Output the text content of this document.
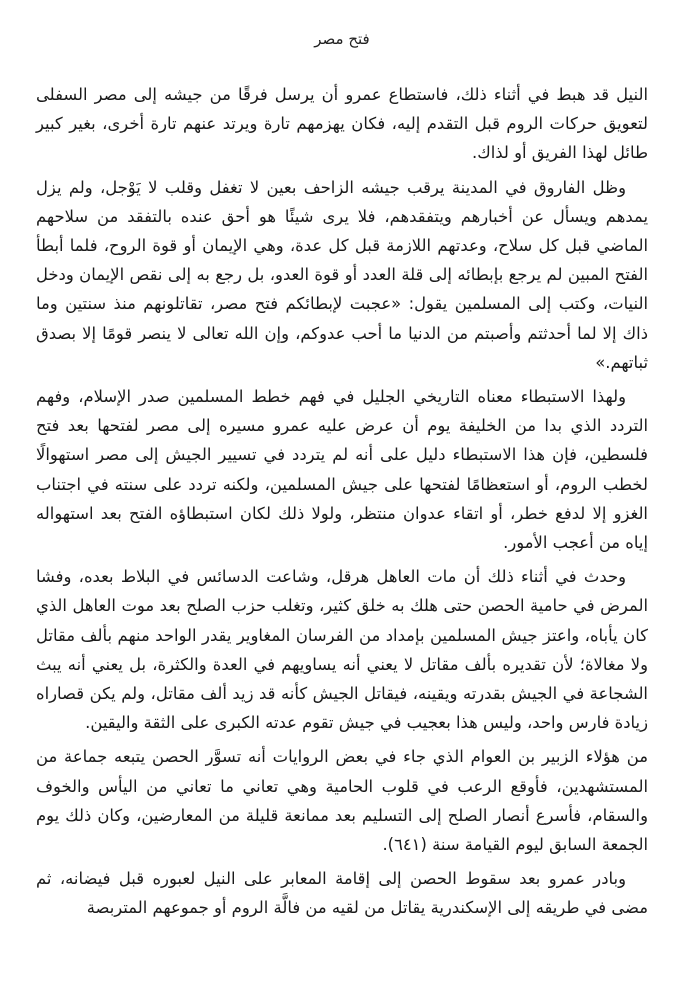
فتح مصر

النيل قد هبط في أثناء ذلك، فاستطاع عمرو أن يرسل فرقًا من جيشه إلى مصر السفلى لتعويق حركات الروم قبل التقدم إليه، فكان يهزمهم تارة ويرتد عنهم تارة أخرى، بغير كبير طائل لهذا الفريق أو لذاك.

وظل الفاروق في المدينة يرقب جيشه الزاحف بعين لا تغفل وقلب لا يَوْجل، ولم يزل يمدهم ويسأل عن أخبارهم ويتفقدهم، فلا يرى شيئًا هو أحق عنده بالتفقد من سلاحهم الماضي قبل كل سلاح، وعدتهم اللازمة قبل كل عدة، وهي الإيمان أو قوة الروح، فلما أبطأ الفتح المبين لم يرجع بإبطائه إلى قلة العدد أو قوة العدو، بل رجع به إلى نقص الإيمان ودخل النيات، وكتب إلى المسلمين يقول: «عجبت لإبطائكم فتح مصر، تقاتلونهم منذ سنتين وما ذاك إلا لما أحدثتم وأصبتم من الدنيا ما أحب عدوكم، وإن الله تعالى لا ينصر قومًا إلا بصدق ثباتهم.»

ولهذا الاستبطاء معناه التاريخي الجليل في فهم خطط المسلمين صدر الإسلام، وفهم التردد الذي بدا من الخليفة يوم أن عرض عليه عمرو مسيره إلى مصر لفتحها بعد فتح فلسطين، فإن هذا الاستبطاء دليل على أنه لم يتردد في تسيير الجيش إلى مصر استهوالًا لخطب الروم، أو استعظامًا لفتحها على جيش المسلمين، ولكنه تردد على سنته في اجتناب الغزو إلا لدفع خطر، أو اتقاء عدوان منتظر، ولولا ذلك لكان استبطاؤه الفتح بعد استهواله إياه من أعجب الأمور.

وحدث في أثناء ذلك أن مات العاهل هرقل، وشاعت الدسائس في البلاط بعده، وفشا المرض في حامية الحصن حتى هلك به خلق كثير، وتغلب حزب الصلح بعد موت العاهل الذي كان يأباه، واعتز جيش المسلمين بإمداد من الفرسان المغاوير يقدر الواحد منهم بألف مقاتل ولا مغالاة؛ لأن تقديره بألف مقاتل لا يعني أنه يساويهم في العدة والكثرة، بل يعني أنه يبث الشجاعة في الجيش بقدرته ويقينه، فيقاتل الجيش كأنه قد زيد ألف مقاتل، ولم يكن قصاراه زيادة فارس واحد، وليس هذا بعجيب في جيش تقوم عدته الكبرى على الثقة واليقين.

من هؤلاء الزبير بن العوام الذي جاء في بعض الروايات أنه تسوَّر الحصن يتبعه جماعة من المستشهدين، فأوقع الرعب في قلوب الحامية وهي تعاني ما تعاني من اليأس والخوف والسقام، فأسرع أنصار الصلح إلى التسليم بعد ممانعة قليلة من المعارضين، وكان ذلك يوم الجمعة السابق ليوم القيامة سنة (٦٤١).

وبادر عمرو بعد سقوط الحصن إلى إقامة المعابر على النيل لعبوره قبل فيضانه، ثم مضى في طريقه إلى الإسكندرية يقاتل من لقيه من فالَّة الروم أو جموعهم المتربصة
